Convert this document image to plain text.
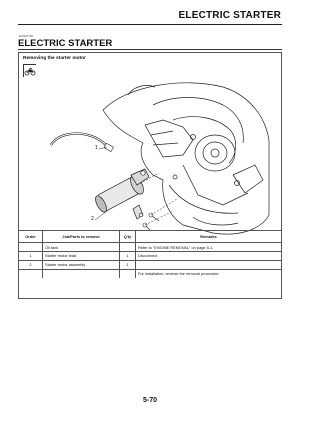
ELECTRIC STARTER
EAS27790
ELECTRIC STARTER
Removing the starter motor
1
2
Order	Job/Parts to remove	Q'ty	Remarks
	Oil tank		Refer to "ENGINE REMOVAL" on page 5-1.
1	Starter motor lead	1	Disconnect.
2	Starter motor assembly	1	
			For installation, reverse the removal procedure.
5-70
